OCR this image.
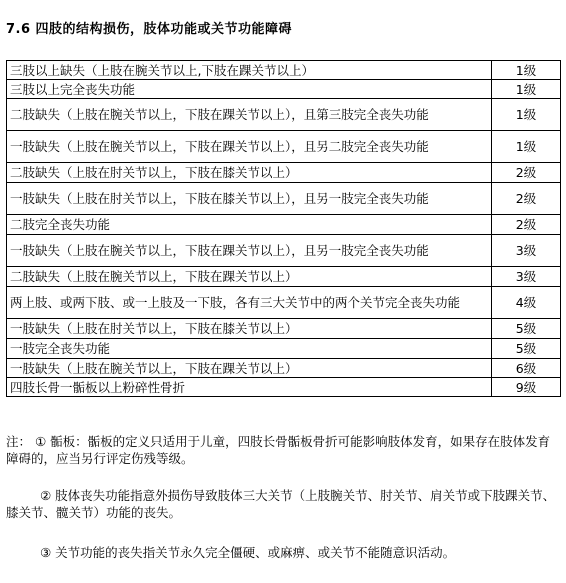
7.6 四肢的结构损伤，肢体功能或关节功能障碍
三肢以上缺失（上肢在腕关节以上,下肢在踝关节以上）	1级
三肢以上完全丧失功能	1级
二肢缺失（上肢在腕关节以上，下肢在踝关节以上），且第三肢完全丧失功能	1级
一肢缺失（上肢在腕关节以上，下肢在踝关节以上），且另二肢完全丧失功能	1级
二肢缺失（上肢在肘关节以上，下肢在膝关节以上）	2级
一肢缺失（上肢在肘关节以上，下肢在膝关节以上），且另一肢完全丧失功能	2级
二肢完全丧失功能	2级
一肢缺失（上肢在腕关节以上，下肢在踝关节以上），且另一肢完全丧失功能	3级
二肢缺失（上肢在腕关节以上，下肢在踝关节以上）	3级
两上肢、或两下肢、或一上肢及一下肢，各有三大关节中的两个关节完全丧失功能	4级
一肢缺失（上肢在肘关节以上，下肢在膝关节以上）	5级
一肢完全丧失功能	5级
一肢缺失（上肢在腕关节以上，下肢在踝关节以上）	6级
四肢长骨一骺板以上粉碎性骨折	9级

注： ① 骺板：骺板的定义只适用于儿童，四肢长骨骺板骨折可能影响肢体发育，如果存在肢体发育障碍的，应当另行评定伤残等级。

② 肢体丧失功能指意外损伤导致肢体三大关节（上肢腕关节、肘关节、肩关节或下肢踝关节、膝关节、髋关节）功能的丧失。

③ 关节功能的丧失指关节永久完全僵硬、或麻痹、或关节不能随意识活动。
